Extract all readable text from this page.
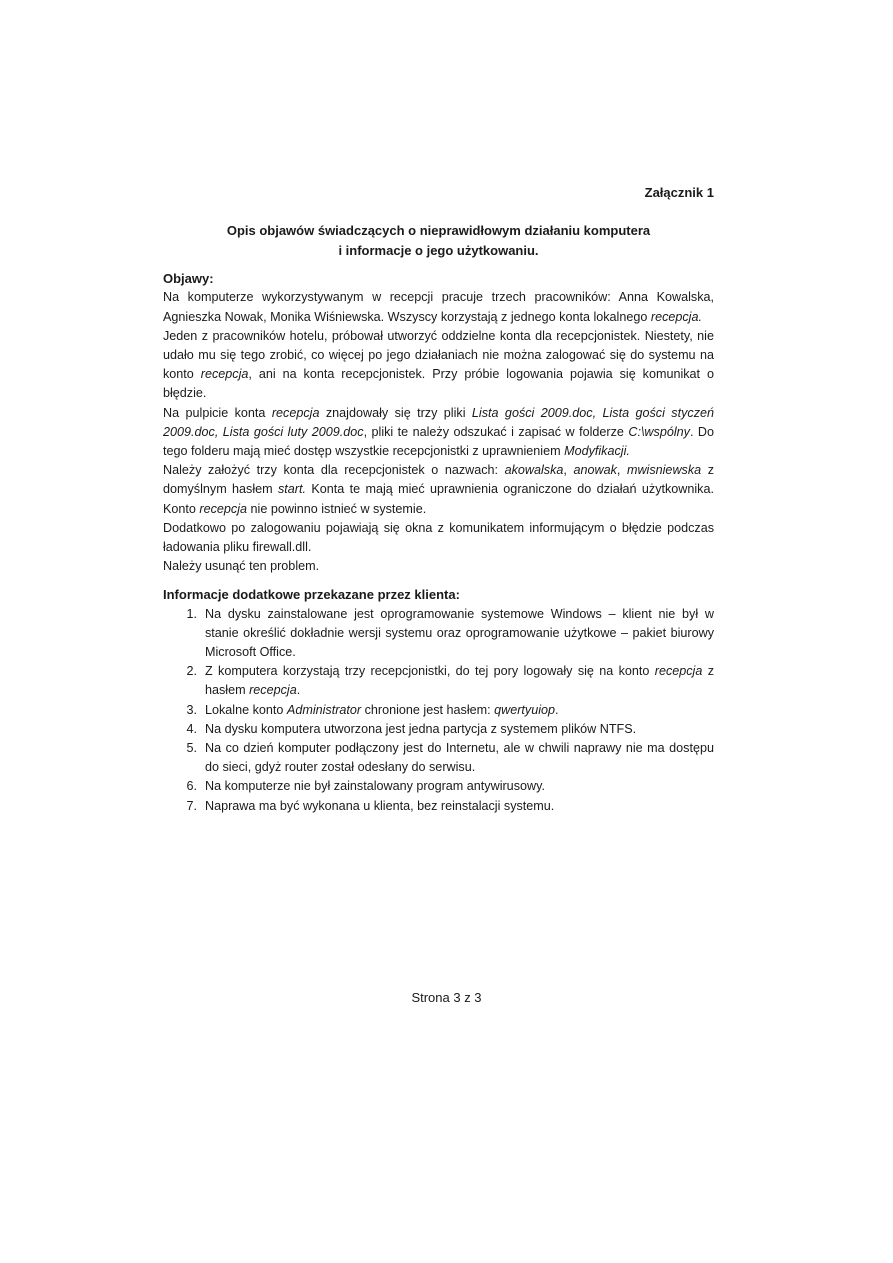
Załącznik 1

Opis objawów świadczących o nieprawidłowym działaniu komputera
i informacje o jego użytkowaniu.

Objawy:

Na komputerze wykorzystywanym w recepcji pracuje trzech pracowników: Anna Kowalska, Agnieszka Nowak, Monika Wiśniewska. Wszyscy korzystają z jednego konta lokalnego recepcja.

Jeden z pracowników hotelu, próbował utworzyć oddzielne konta dla recepcjonistek. Niestety, nie udało mu się tego zrobić, co więcej po jego działaniach nie można zalogować się do systemu na konto recepcja, ani na konta recepcjonistek. Przy próbie logowania pojawia się komunikat o błędzie.

Na pulpicie konta recepcja znajdowały się trzy pliki Lista gości 2009.doc, Lista gości styczeń 2009.doc, Lista gości luty 2009.doc, pliki te należy odszukać i zapisać w folderze C:\wspólny. Do tego folderu mają mieć dostęp wszystkie recepcjonistki z uprawnieniem Modyfikacji.

Należy założyć trzy konta dla recepcjonistek o nazwach: akowalska, anowak, mwisniewska z domyślnym hasłem start. Konta te mają mieć uprawnienia ograniczone do działań użytkownika. Konto recepcja nie powinno istnieć w systemie.

Dodatkowo po zalogowaniu pojawiają się okna z komunikatem informującym o błędzie podczas ładowania pliku firewall.dll.

Należy usunąć ten problem.

Informacje dodatkowe przekazane przez klienta:

1. Na dysku zainstalowane jest oprogramowanie systemowe Windows – klient nie był w stanie określić dokładnie wersji systemu oraz oprogramowanie użytkowe – pakiet biurowy Microsoft Office.
2. Z komputera korzystają trzy recepcjonistki, do tej pory logowały się na konto recepcja z hasłem recepcja.
3. Lokalne konto Administrator chronione jest hasłem: qwertyuiop.
4. Na dysku komputera utworzona jest jedna partycja z systemem plików NTFS.
5. Na co dzień komputer podłączony jest do Internetu, ale w chwili naprawy nie ma dostępu do sieci, gdyż router został odesłany do serwisu.
6. Na komputerze nie był zainstalowany program antywirusowy.
7. Naprawa ma być wykonana u klienta, bez reinstalacji systemu.
Strona 3 z 3
